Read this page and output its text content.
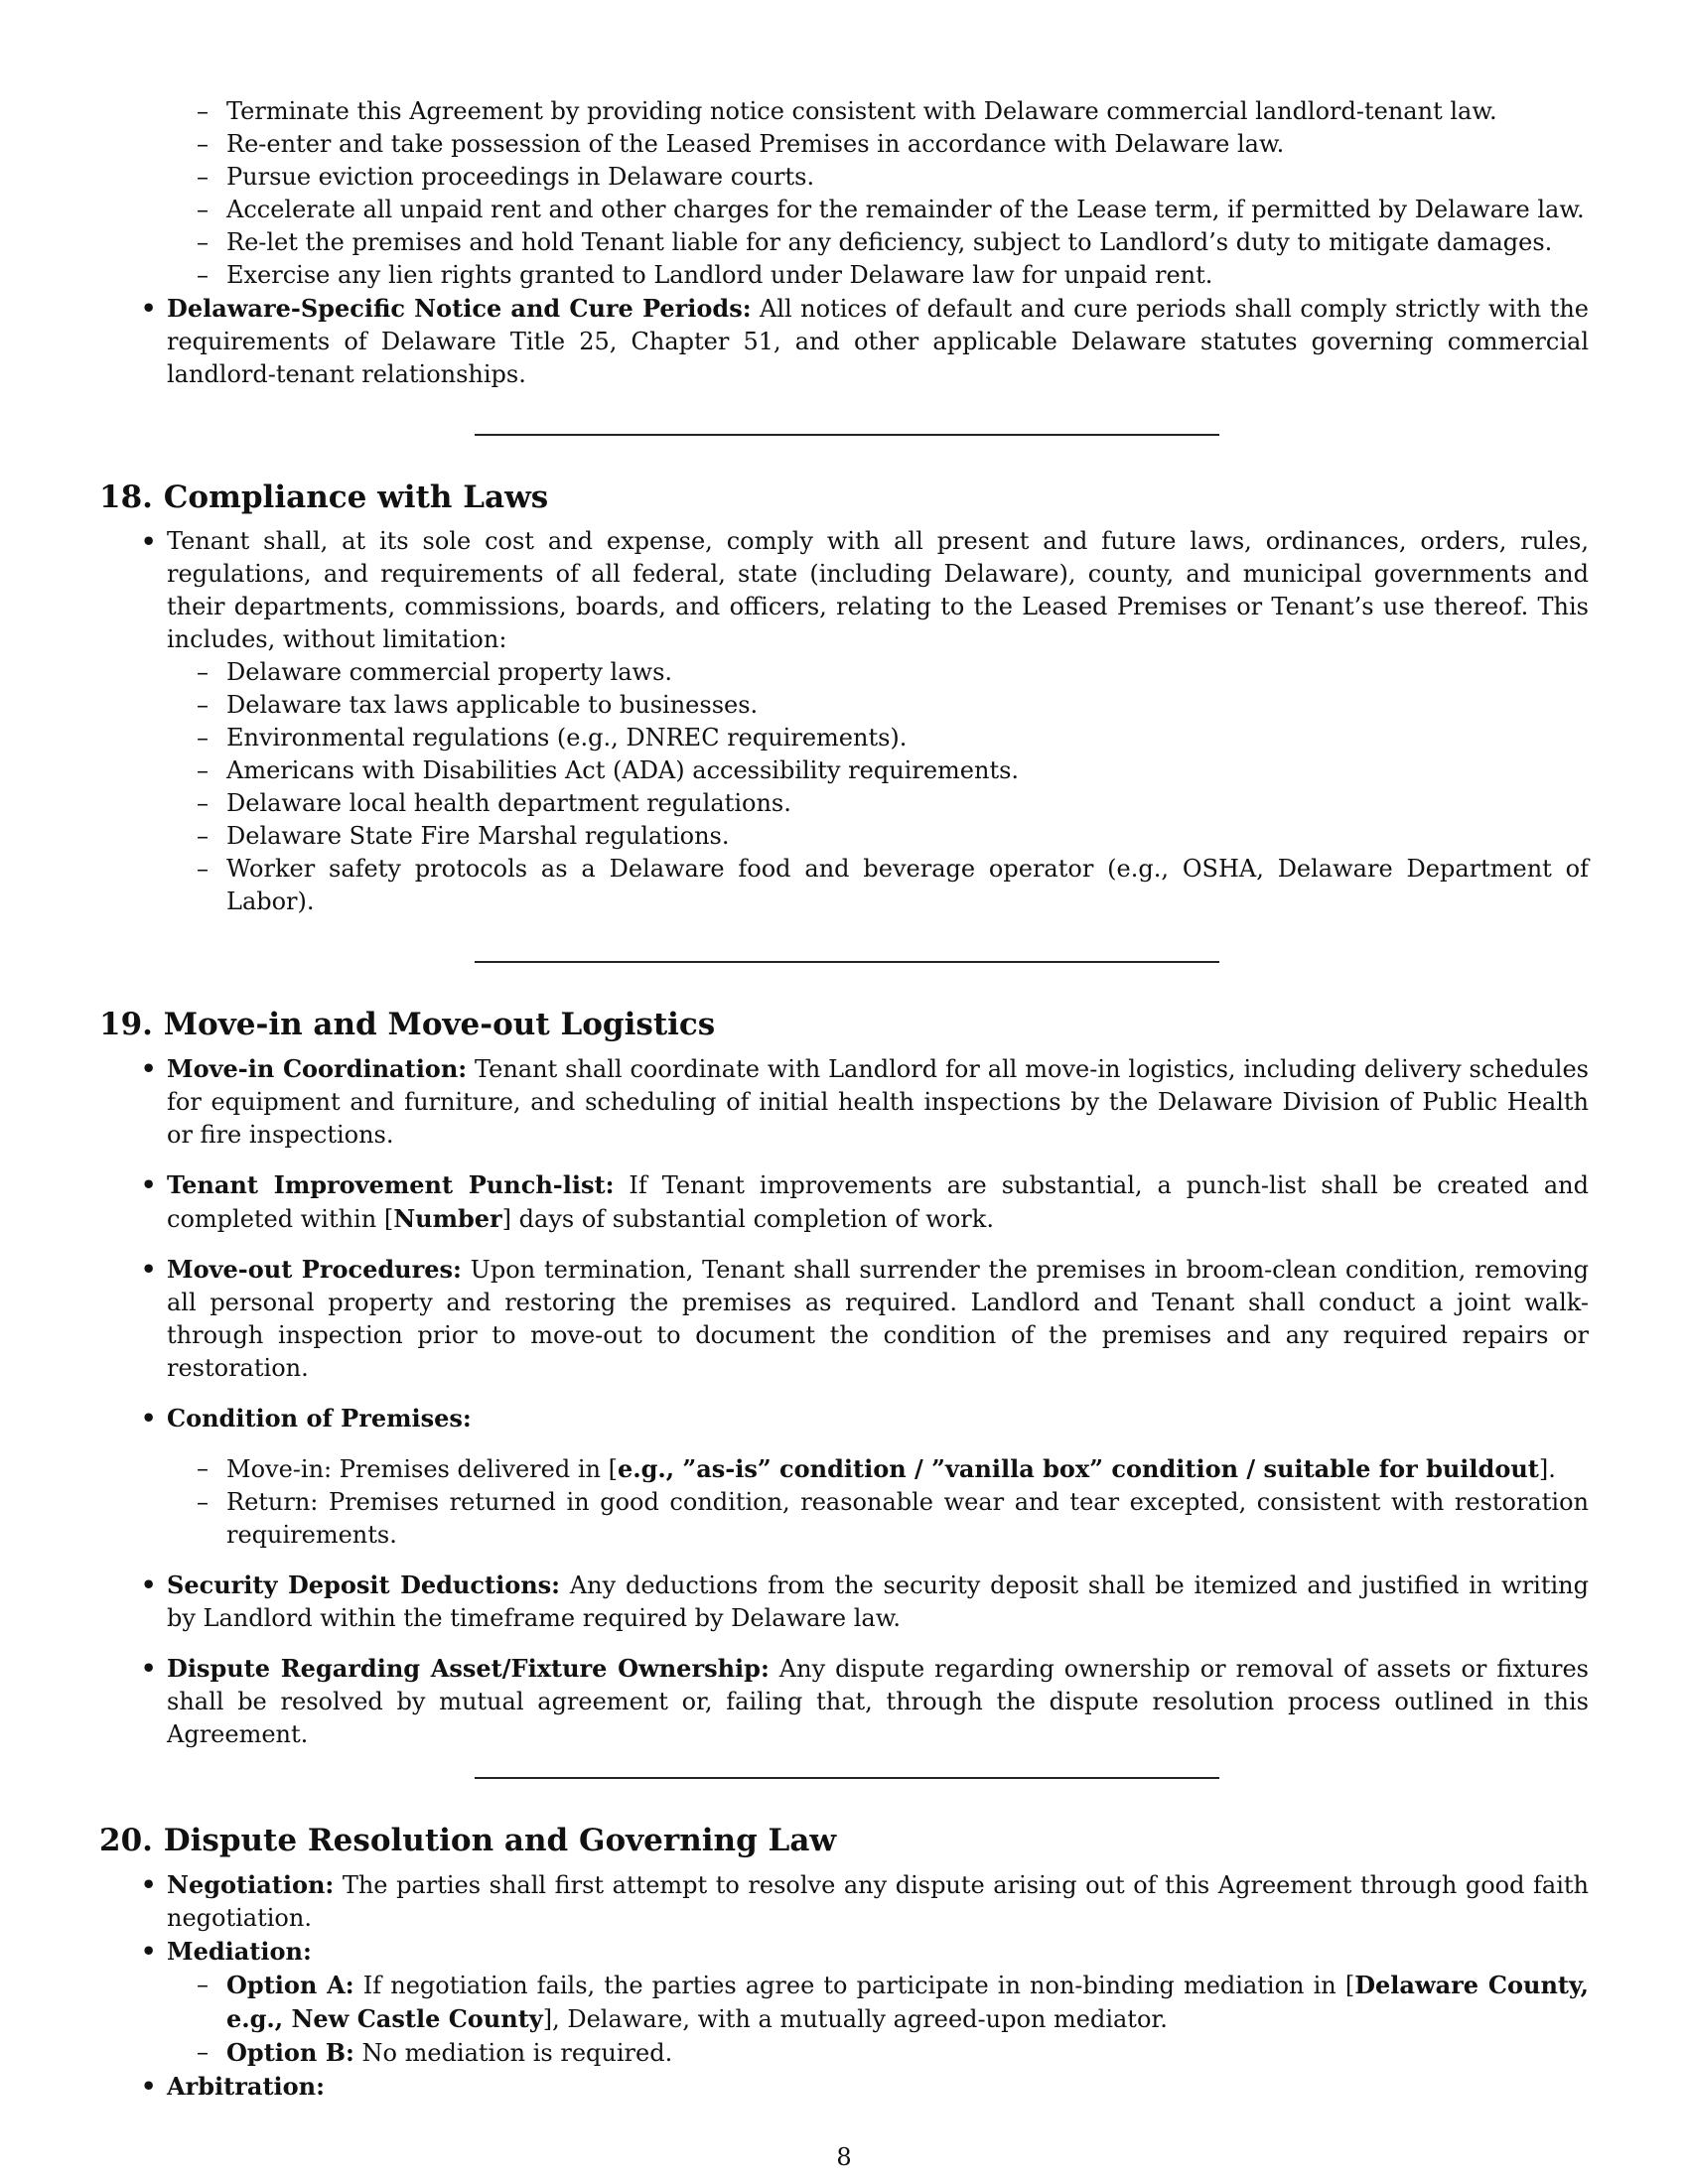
– Terminate this Agreement by providing notice consistent with Delaware commercial landlord-tenant law.
– Re-enter and take possession of the Leased Premises in accordance with Delaware law.
– Pursue eviction proceedings in Delaware courts.
– Accelerate all unpaid rent and other charges for the remainder of the Lease term, if permitted by Delaware law.
– Re-let the premises and hold Tenant liable for any deficiency, subject to Landlord’s duty to mitigate damages.
– Exercise any lien rights granted to Landlord under Delaware law for unpaid rent.
• Delaware-Specific Notice and Cure Periods: All notices of default and cure periods shall comply strictly with the requirements of Delaware Title 25, Chapter 51, and other applicable Delaware statutes governing commercial landlord-tenant relationships.
18. Compliance with Laws
• Tenant shall, at its sole cost and expense, comply with all present and future laws, ordinances, orders, rules, regulations, and requirements of all federal, state (including Delaware), county, and municipal governments and their departments, commissions, boards, and officers, relating to the Leased Premises or Tenant’s use thereof. This includes, without limitation:
– Delaware commercial property laws.
– Delaware tax laws applicable to businesses.
– Environmental regulations (e.g., DNREC requirements).
– Americans with Disabilities Act (ADA) accessibility requirements.
– Delaware local health department regulations.
– Delaware State Fire Marshal regulations.
– Worker safety protocols as a Delaware food and beverage operator (e.g., OSHA, Delaware Department of Labor).
19. Move-in and Move-out Logistics
• Move-in Coordination: Tenant shall coordinate with Landlord for all move-in logistics, including delivery schedules for equipment and furniture, and scheduling of initial health inspections by the Delaware Division of Public Health or fire inspections.
• Tenant Improvement Punch-list: If Tenant improvements are substantial, a punch-list shall be created and completed within [Number] days of substantial completion of work.
• Move-out Procedures: Upon termination, Tenant shall surrender the premises in broom-clean condition, removing all personal property and restoring the premises as required. Landlord and Tenant shall conduct a joint walk-through inspection prior to move-out to document the condition of the premises and any required repairs or restoration.
• Condition of Premises:
– Move-in: Premises delivered in [e.g., ”as-is” condition / ”vanilla box” condition / suitable for buildout].
– Return: Premises returned in good condition, reasonable wear and tear excepted, consistent with restoration requirements.
• Security Deposit Deductions: Any deductions from the security deposit shall be itemized and justified in writing by Landlord within the timeframe required by Delaware law.
• Dispute Regarding Asset/Fixture Ownership: Any dispute regarding ownership or removal of assets or fixtures shall be resolved by mutual agreement or, failing that, through the dispute resolution process outlined in this Agreement.
20. Dispute Resolution and Governing Law
• Negotiation: The parties shall first attempt to resolve any dispute arising out of this Agreement through good faith negotiation.
• Mediation:
– Option A: If negotiation fails, the parties agree to participate in non-binding mediation in [Delaware County, e.g., New Castle County], Delaware, with a mutually agreed-upon mediator.
– Option B: No mediation is required.
• Arbitration:
8
